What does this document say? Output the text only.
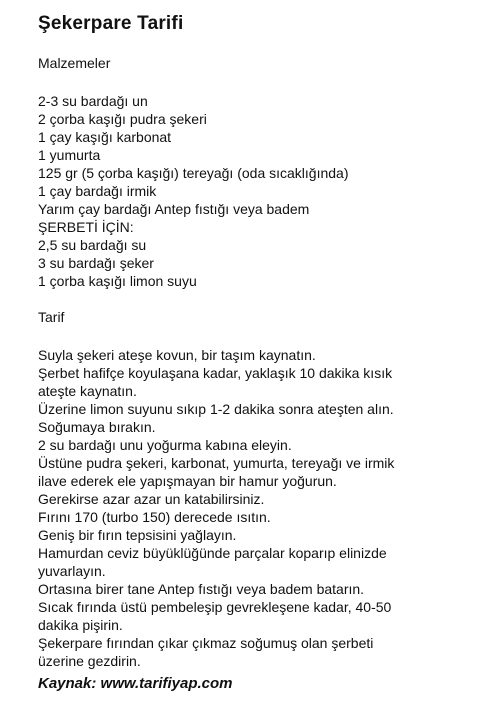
Şekerpare Tarifi
Malzemeler
2-3 su bardağı un
2 çorba kaşığı pudra şekeri
1 çay kaşığı karbonat
1 yumurta
125 gr (5 çorba kaşığı) tereyağı (oda sıcaklığında)
1 çay bardağı irmik
Yarım çay bardağı Antep fıstığı veya badem
ŞERBETİ İÇİN:
2,5 su bardağı su
3 su bardağı şeker
1 çorba kaşığı limon suyu
Tarif
Suyla şekeri ateşe kovun, bir taşım kaynatın.
Şerbet hafifçe koyulaşana kadar, yaklaşık 10 dakika kısık
ateşte kaynatın.
Üzerine limon suyunu sıkıp 1-2 dakika sonra ateşten alın.
Soğumaya bırakın.
2 su bardağı unu yoğurma kabına eleyin.
Üstüne pudra şekeri, karbonat, yumurta, tereyağı ve irmik
ilave ederek ele yapışmayan bir hamur yoğurun.
Gerekirse azar azar un katabilirsiniz.
Fırını 170 (turbo 150) derecede ısıtın.
Geniş bir fırın tepsisini yağlayın.
Hamurdan ceviz büyüklüğünde parçalar koparıp elinizde
yuvarlayın.
Ortasına birer tane Antep fıstığı veya badem batarın.
Sıcak fırında üstü pembeleşip gevrekleşene kadar, 40-50
dakika pişirin.
Şekerpare fırından çıkar çıkmaz soğumuş olan şerbeti
üzerine gezdirin.
Kaynak: www.tarifiyap.com
